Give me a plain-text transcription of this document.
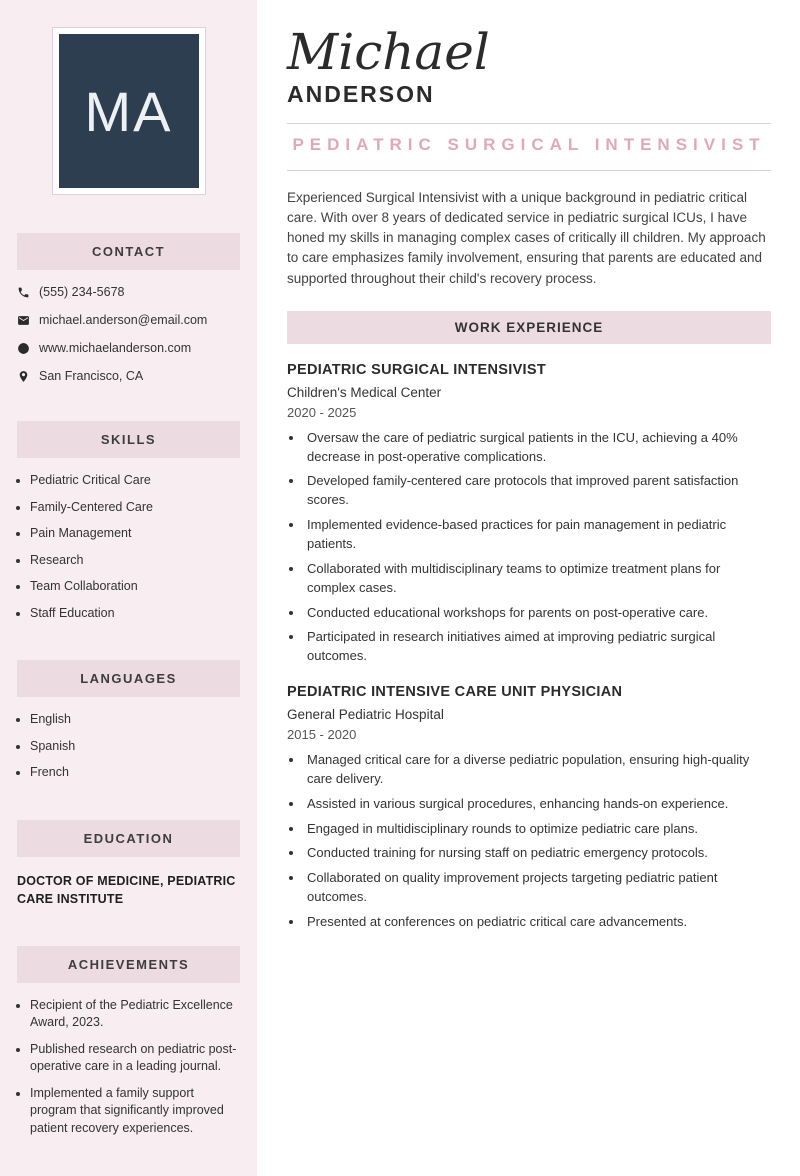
MA
CONTACT
(555) 234-5678
michael.anderson@email.com
www.michaelanderson.com
San Francisco, CA
SKILLS
• Pediatric Critical Care
• Family-Centered Care
• Pain Management
• Research
• Team Collaboration
• Staff Education
LANGUAGES
• English
• Spanish
• French
EDUCATION
DOCTOR OF MEDICINE, PEDIATRIC CARE INSTITUTE
ACHIEVEMENTS
• Recipient of the Pediatric Excellence Award, 2023.
• Published research on pediatric post-operative care in a leading journal.
• Implemented a family support program that significantly improved patient recovery experiences.
Michael
ANDERSON
PEDIATRIC SURGICAL INTENSIVIST

Experienced Surgical Intensivist with a unique background in pediatric critical care. With over 8 years of dedicated service in pediatric surgical ICUs, I have honed my skills in managing complex cases of critically ill children. My approach to care emphasizes family involvement, ensuring that parents are educated and supported throughout their child's recovery process.

WORK EXPERIENCE
PEDIATRIC SURGICAL INTENSIVIST
Children's Medical Center
2020 - 2025
• Oversaw the care of pediatric surgical patients in the ICU, achieving a 40% decrease in post-operative complications.
• Developed family-centered care protocols that improved parent satisfaction scores.
• Implemented evidence-based practices for pain management in pediatric patients.
• Collaborated with multidisciplinary teams to optimize treatment plans for complex cases.
• Conducted educational workshops for parents on post-operative care.
• Participated in research initiatives aimed at improving pediatric surgical outcomes.
PEDIATRIC INTENSIVE CARE UNIT PHYSICIAN
General Pediatric Hospital
2015 - 2020
• Managed critical care for a diverse pediatric population, ensuring high-quality care delivery.
• Assisted in various surgical procedures, enhancing hands-on experience.
• Engaged in multidisciplinary rounds to optimize pediatric care plans.
• Conducted training for nursing staff on pediatric emergency protocols.
• Collaborated on quality improvement projects targeting pediatric patient outcomes.
• Presented at conferences on pediatric critical care advancements.
